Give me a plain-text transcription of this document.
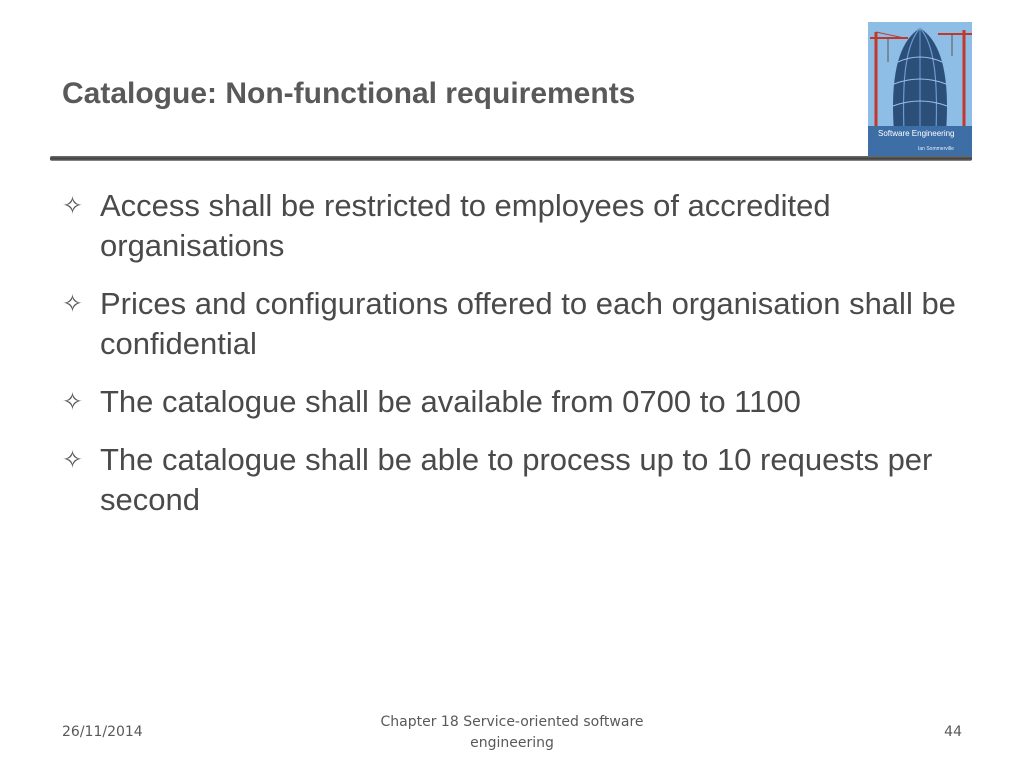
Catalogue: Non-functional requirements
Software Engineering
Ian Sommerville
✧ Access shall be restricted to employees of accredited organisations
✧ Prices and configurations offered to each organisation shall be confidential
✧ The catalogue shall be available from 0700 to 1100
✧ The catalogue shall be able to process up to 10 requests per second
26/11/2014
Chapter 18 Service-oriented software engineering
44
